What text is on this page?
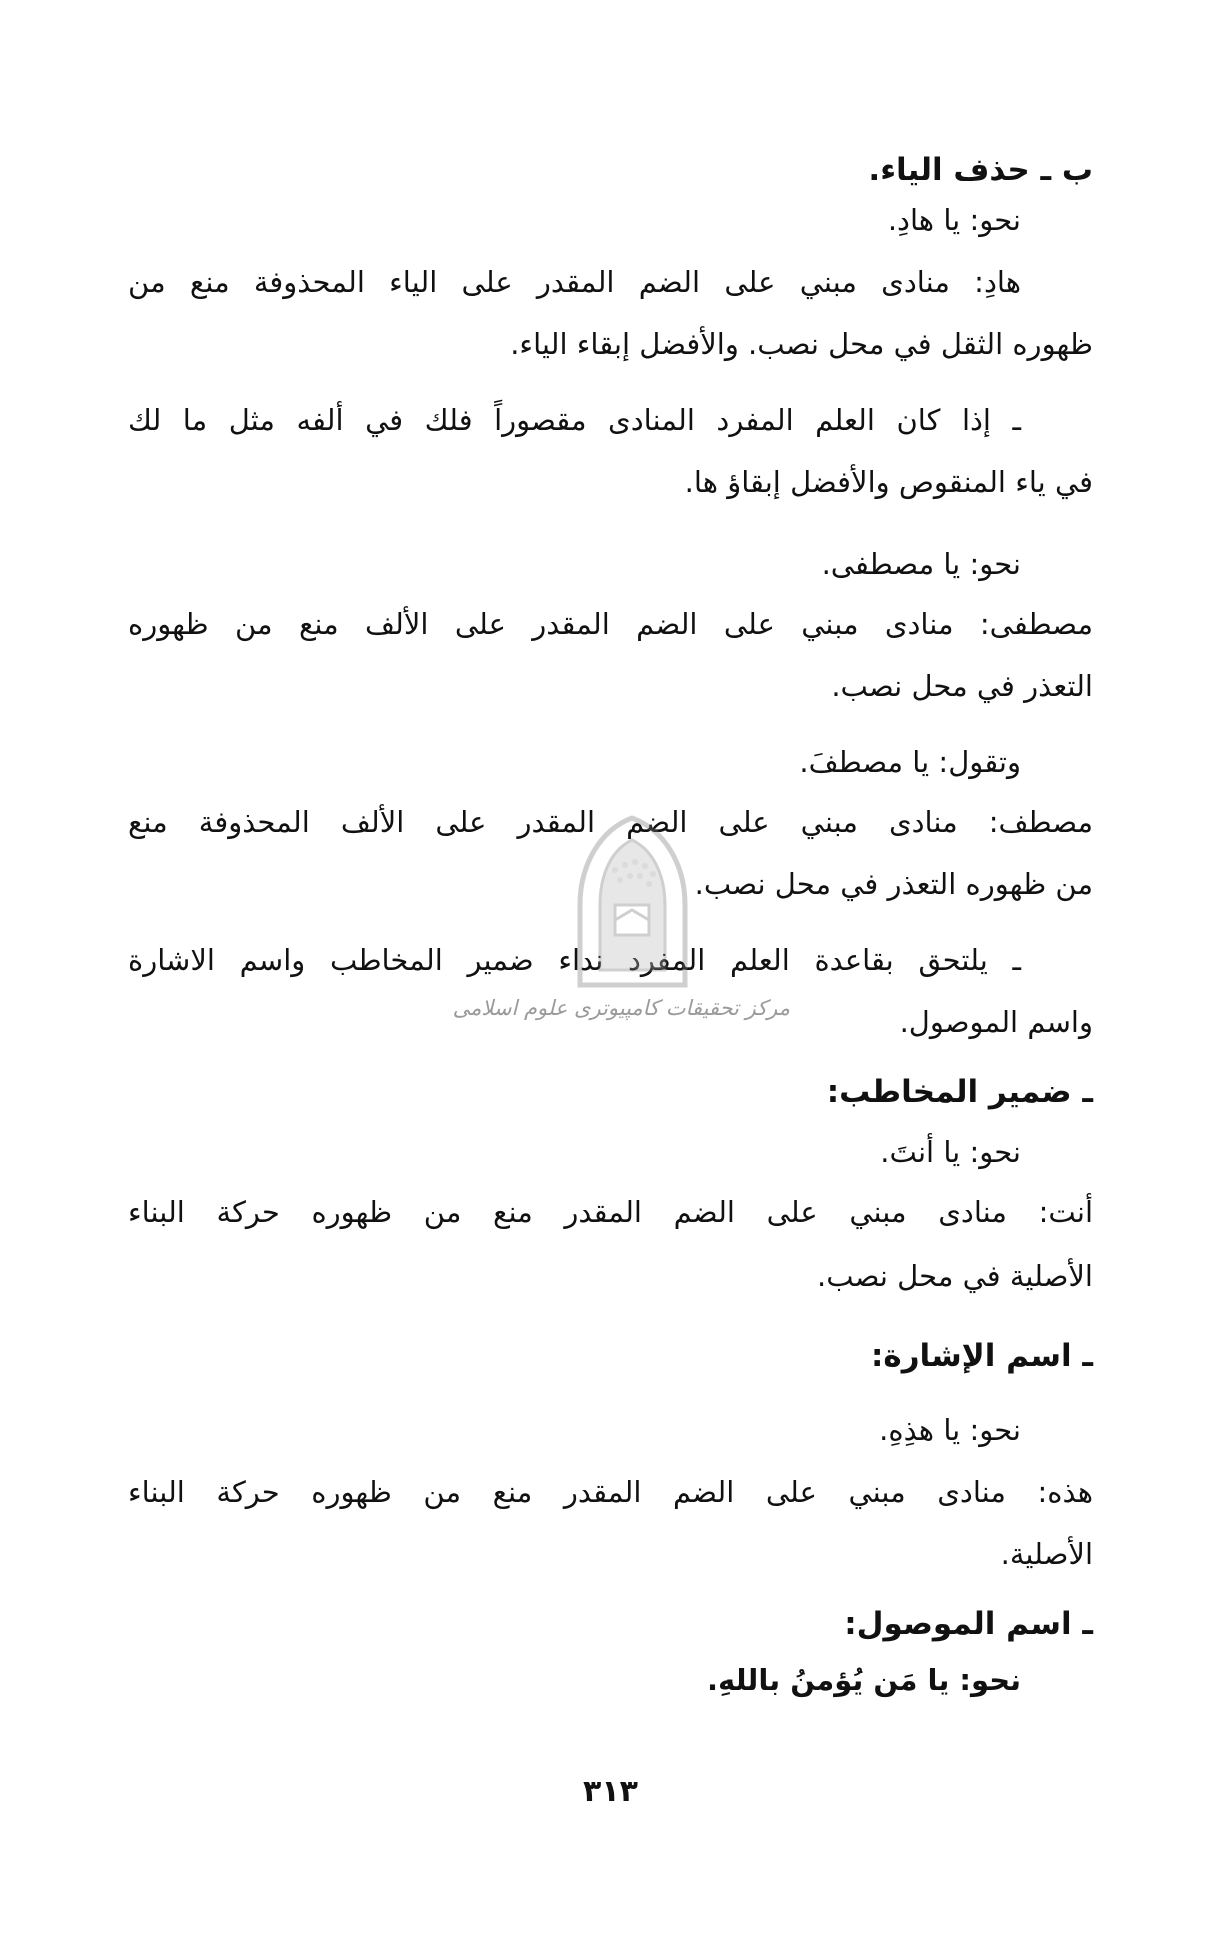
ب ـ حذف الياء.
نحو: يا هادِ.
هادِ: منادى مبني على الضم المقدر على الياء المحذوفة منع من
ظهوره الثقل في محل نصب. والأفضل إبقاء الياء.
ـ إذا كان العلم المفرد المنادى مقصوراً فلك في ألفه مثل ما لك
في ياء المنقوص والأفضل إبقاؤ ها.
نحو: يا مصطفى.
مصطفى: منادى مبني على الضم المقدر على الألف منع من ظهوره
التعذر في محل نصب.
وتقول: يا مصطفَ.
مصطف: منادى مبني على الضم المقدر على الألف المحذوفة منع
من ظهوره التعذر في محل نصب.
ـ يلتحق بقاعدة العلم المفرد نداء ضمير المخاطب واسم الاشارة
واسم الموصول.
ـ ضمير المخاطب:
نحو: يا أنتَ.
أنت: منادى مبني على الضم المقدر منع من ظهوره حركة البناء
الأصلية في محل نصب.
ـ اسم الإشارة:
نحو: يا هذِهِ.
هذه: منادى مبني على الضم المقدر منع من ظهوره حركة البناء
الأصلية.
ـ اسم الموصول:
نحو: يا مَن يُؤمنُ باللهِ.
٣١٣
مرکز تحقیقات کامپیوتری علوم اسلامی
